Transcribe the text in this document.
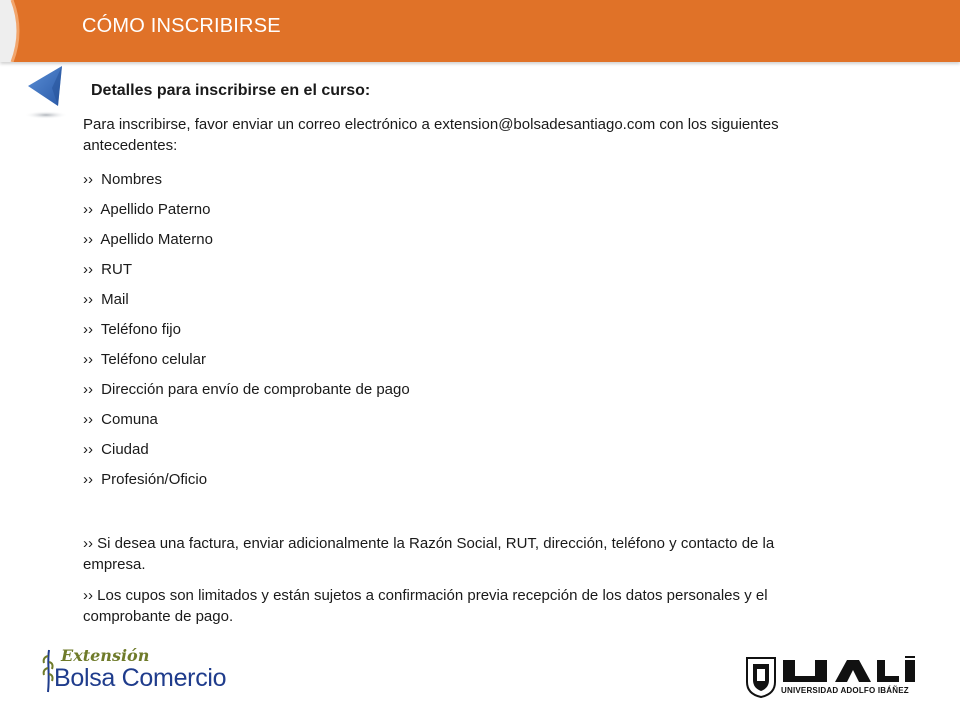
CÓMO INSCRIBIRSE
Detalles para inscribirse en el curso:

Para inscribirse, favor enviar un correo electrónico a extension@bolsadesantiago.com con los siguientes antecedentes:

›› Nombres
›› Apellido Paterno
›› Apellido Materno
›› RUT
›› Mail
›› Teléfono fijo
›› Teléfono celular
›› Dirección para envío de comprobante de pago
›› Comuna
›› Ciudad
›› Profesión/Oficio

›› Si desea una factura, enviar adicionalmente la Razón Social, RUT, dirección, teléfono y contacto de la empresa.

›› Los cupos son limitados y están sujetos a confirmación previa recepción de los datos personales y el comprobante de pago.

Extensión
Bolsa Comercio	UNIVERSIDAD ADOLFO IBÁÑEZ
